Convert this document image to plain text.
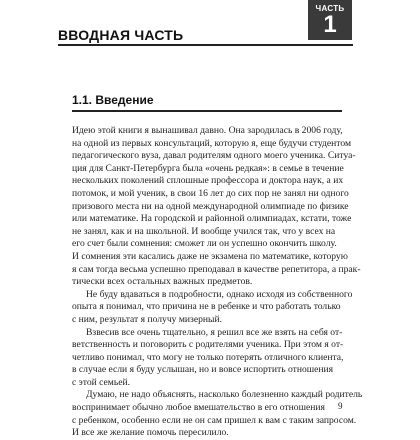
ЧАСТЬ
1
ВВОДНАЯ ЧАСТЬ
1.1. Введение
Идею этой книги я вынашивал давно. Она зародилась в 2006 году,
на одной из первых консультаций, которую я, еще будучи студентом
педагогического вуза, давал родителям одного моего ученика. Ситуа-
ция для Санкт-Петербурга была «очень редкая»: в семье в течение
нескольких поколений сплошные профессора и доктора наук, а их
потомок, и мой ученик, в свои 16 лет до сих пор не занял ни одного
призового места ни на одной международной олимпиаде по физике
или математике. На городской и районной олимпиадах, кстати, тоже
не занял, как и на школьной. И вообще учился так, что у всех на
его счет были сомнения: сможет ли он успешно окончить школу.
И сомнения эти касались даже не экзамена по математике, которую
я сам тогда весьма успешно преподавал в качестве репетитора, а прак-
тически всех остальных важных предметов.
Не буду вдаваться в подробности, однако исходя из собственного
опыта я понимал, что причина не в ребенке и что работать только
с ним, результат я получу мизерный.
Взвесив все очень тщательно, я решил все же взять на себя от-
ветственность и поговорить с родителями ученика. При этом я от-
четливо понимал, что могу не только потерять отличного клиента,
в случае если я буду услышан, но и вовсе испортить отношения
с этой семьей.
Думаю, не надо объяснять, насколько болезненно каждый родитель
воспринимает обычно любое вмешательство в его отношения
с ребенком, особенно если не он сам пришел к вам с таким запросом.
И все же желание помочь пересилило.
9
